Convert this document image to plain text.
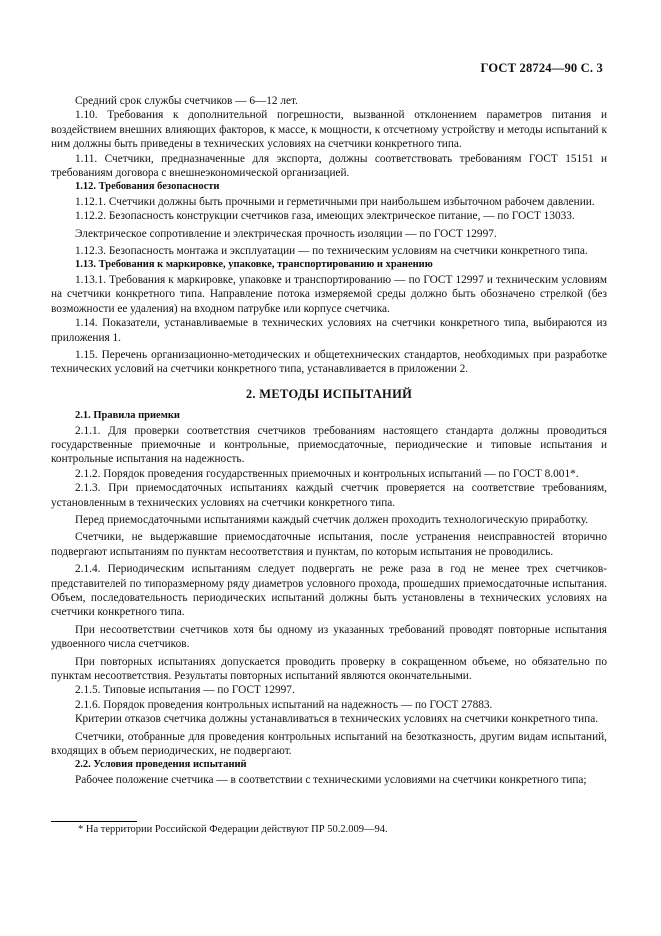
ГОСТ 28724—90 С. 3

Средний срок службы счетчиков — 6—12 лет.

1.10. Требования к дополнительной погрешности, вызванной отклонением параметров питания и воздействием внешних влияющих факторов, к массе, к мощности, к отсчетному устройству и методы испытаний к ним должны быть приведены в технических условиях на счетчики конкретного типа.

1.11. Счетчики, предназначенные для экспорта, должны соответствовать требованиям ГОСТ 15151 и требованиям договора с внешнеэкономической организацией.

1.12. Требования безопасности

1.12.1. Счетчики должны быть прочными и герметичными при наибольшем избыточном рабочем давлении.

1.12.2. Безопасность конструкции счетчиков газа, имеющих электрическое питание, — по ГОСТ 13033.

Электрическое сопротивление и электрическая прочность изоляции — по ГОСТ 12997.

1.12.3. Безопасность монтажа и эксплуатации — по техническим условиям на счетчики конкретного типа.

1.13. Требования к маркировке, упаковке, транспортированию и хранению

1.13.1. Требования к маркировке, упаковке и транспортированию — по ГОСТ 12997 и техническим условиям на счетчики конкретного типа. Направление потока измеряемой среды должно быть обозначено стрелкой (без возможности ее удаления) на входном патрубке или корпусе счетчика.

1.14. Показатели, устанавливаемые в технических условиях на счетчики конкретного типа, выбираются из приложения 1.

1.15. Перечень организационно-методических и общетехнических стандартов, необходимых при разработке технических условий на счетчики конкретного типа, устанавливается в приложении 2.

2. МЕТОДЫ ИСПЫТАНИЙ

2.1. Правила приемки

2.1.1. Для проверки соответствия счетчиков требованиям настоящего стандарта должны проводиться государственные приемочные и контрольные, приемосдаточные, периодические и типовые испытания и контрольные испытания на надежность.

2.1.2. Порядок проведения государственных приемочных и контрольных испытаний — по ГОСТ 8.001*.

2.1.3. При приемосдаточных испытаниях каждый счетчик проверяется на соответствие требованиям, установленным в технических условиях на счетчики конкретного типа.

Перед приемосдаточными испытаниями каждый счетчик должен проходить технологическую приработку.

Счетчики, не выдержавшие приемосдаточные испытания, после устранения неисправностей вторично подвергают испытаниям по пунктам несоответствия и пунктам, по которым испытания не проводились.

2.1.4. Периодическим испытаниям следует подвергать не реже раза в год не менее трех счетчиков-представителей по типоразмерному ряду диаметров условного прохода, прошедших приемосдаточные испытания. Объем, последовательность периодических испытаний должны быть установлены в технических условиях на счетчики конкретного типа.

При несоответствии счетчиков хотя бы одному из указанных требований проводят повторные испытания удвоенного числа счетчиков.

При повторных испытаниях допускается проводить проверку в сокращенном объеме, но обязательно по пунктам несоответствия. Результаты повторных испытаний являются окончательными.

2.1.5. Типовые испытания — по ГОСТ 12997.

2.1.6. Порядок проведения контрольных испытаний на надежность — по ГОСТ 27883.

Критерии отказов счетчика должны устанавливаться в технических условиях на счетчики конкретного типа.

Счетчики, отобранные для проведения контрольных испытаний на безотказность, другим видам испытаний, входящих в объем периодических, не подвергают.

2.2. Условия проведения испытаний

Рабочее положение счетчика — в соответствии с техническими условиями на счетчики конкретного типа;

* На территории Российской Федерации действуют ПР 50.2.009—94.
